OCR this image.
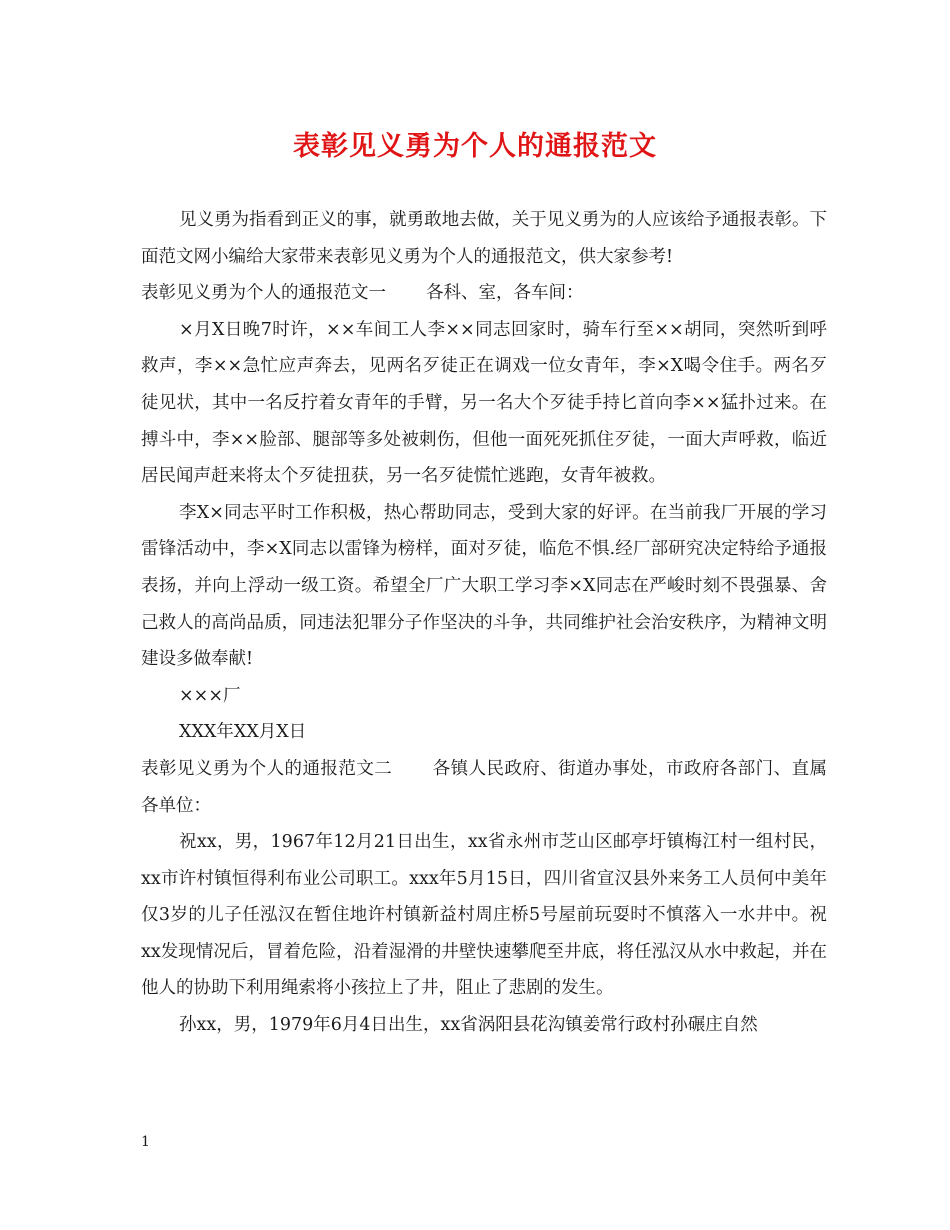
表彰见义勇为个人的通报范文

见义勇为指看到正义的事，就勇敢地去做，关于见义勇为的人应该给予通报表彰。下面范文网小编给大家带来表彰见义勇为个人的通报范文，供大家参考!

表彰见义勇为个人的通报范文一 各科、室，各车间：

×月X日晚7时许，××车间工人李××同志回家时，骑车行至××胡同，突然听到呼救声，李××急忙应声奔去，见两名歹徒正在调戏一位女青年，李×X喝令住手。两名歹徒见状，其中一名反拧着女青年的手臂，另一名大个歹徒手持匕首向李××猛扑过来。在搏斗中，李××脸部、腿部等多处被刺伤，但他一面死死抓住歹徒，一面大声呼救，临近居民闻声赶来将太个歹徒扭获，另一名歹徒慌忙逃跑，女青年被救。

李X×同志平时工作积极，热心帮助同志，受到大家的好评。在当前我厂开展的学习雷锋活动中，李×X同志以雷锋为榜样，面对歹徒，临危不惧.经厂部研究决定特给予通报表扬，并向上浮动一级工资。希望全厂广大职工学习李×X同志在严峻时刻不畏强暴、舍己救人的高尚品质，同违法犯罪分子作坚决的斗争，共同维护社会治安秩序，为精神文明建设多做奉献!

×××厂

XXX年XX月X日

表彰见义勇为个人的通报范文二 各镇人民政府、街道办事处，市政府各部门、直属各单位：

祝xx，男，1967年12月21日出生，xx省永州市芝山区邮亭圩镇梅江村一组村民，xx市许村镇恒得利布业公司职工。xxx年5月15日，四川省宣汉县外来务工人员何中美年仅3岁的儿子任泓汉在暂住地许村镇新益村周庄桥5号屋前玩耍时不慎落入一水井中。祝xx发现情况后，冒着危险，沿着湿滑的井壁快速攀爬至井底，将任泓汉从水中救起，并在他人的协助下利用绳索将小孩拉上了井，阻止了悲剧的发生。

孙xx，男，1979年6月4日出生，xx省涡阳县花沟镇姜常行政村孙碾庄自然

1
